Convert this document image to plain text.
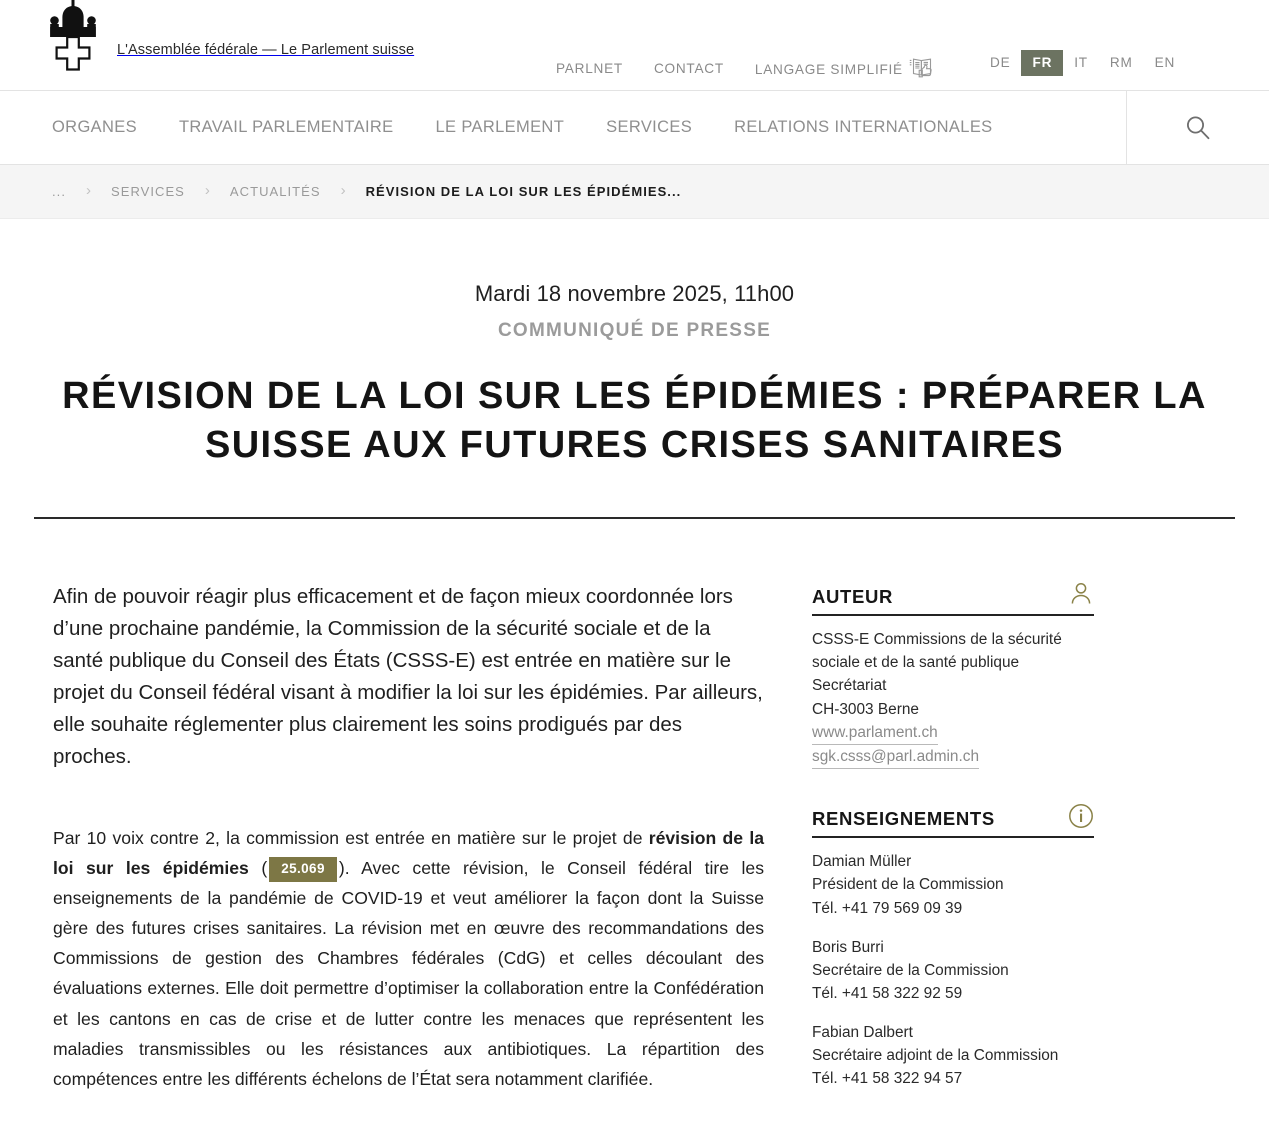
L'Assemblée fédérale — Le Parlement suisse
PARLNET CONTACT LANGAGE SIMPLIFIÉ	DE	FR	IT	RM	EN
ORGANES	TRAVAIL PARLEMENTAIRE	LE PARLEMENT	SERVICES	RELATIONS INTERNATIONALES
... › SERVICES › ACTUALITÉS › RÉVISION DE LA LOI SUR LES ÉPIDÉMIES...
Mardi 18 novembre 2025, 11h00
COMMUNIQUÉ DE PRESSE
RÉVISION DE LA LOI SUR LES ÉPIDÉMIES : PRÉPARER LA SUISSE AUX FUTURES CRISES SANITAIRES

Afin de pouvoir réagir plus efficacement et de façon mieux coordonnée lors d’une prochaine pandémie, la Commission de la sécurité sociale et de la santé publique du Conseil des États (CSSS-E) est entrée en matière sur le projet du Conseil fédéral visant à modifier la loi sur les épidémies. Par ailleurs, elle souhaite réglementer plus clairement les soins prodigués par des proches.

Par 10 voix contre 2, la commission est entrée en matière sur le projet de révision de la loi sur les épidémies ( 25.069 ). Avec cette révision, le Conseil fédéral tire les enseignements de la pandémie de COVID-19 et veut améliorer la façon dont la Suisse gère des futures crises sanitaires. La révision met en œuvre des recommandations des Commissions de gestion des Chambres fédérales (CdG) et celles découlant des évaluations externes. Elle doit permettre d’optimiser la collaboration entre la Confédération et les cantons en cas de crise et de lutter contre les menaces que représentent les maladies transmissibles ou les résistances aux antibiotiques. La répartition des compétences entre les différents échelons de l’État sera notamment clarifiée.

AUTEUR
CSSS-E Commissions de la sécurité
sociale et de la santé publique
Secrétariat
CH-3003 Berne
www.parlament.ch
sgk.csss@parl.admin.ch
RENSEIGNEMENTS
Damian Müller
Président de la Commission
Tél. +41 79 569 09 39
Boris Burri
Secrétaire de la Commission
Tél. +41 58 322 92 59
Fabian Dalbert
Secrétaire adjoint de la Commission
Tél. +41 58 322 94 57
